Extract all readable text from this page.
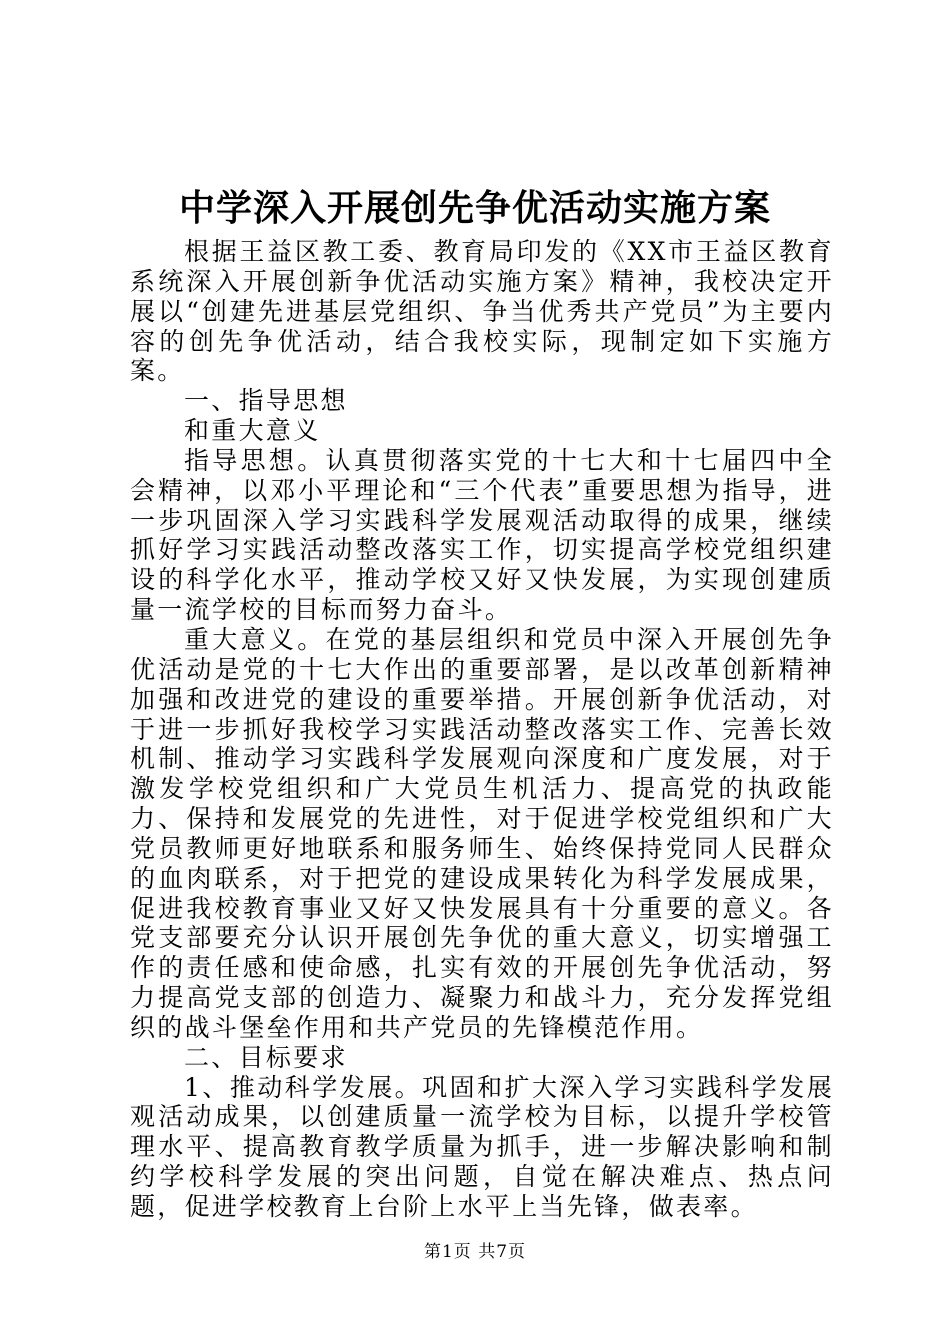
中学深入开展创先争优活动实施方案

根据王益区教工委、教育局印发的《XX市王益区教育系统深入开展创新争优活动实施方案》精神，我校决定开展以“创建先进基层党组织、争当优秀共产党员”为主要内容的创先争优活动，结合我校实际，现制定如下实施方案。

一、指导思想

和重大意义

指导思想。认真贯彻落实党的十七大和十七届四中全会精神，以邓小平理论和“三个代表”重要思想为指导，进一步巩固深入学习实践科学发展观活动取得的成果，继续抓好学习实践活动整改落实工作，切实提高学校党组织建设的科学化水平，推动学校又好又快发展，为实现创建质量一流学校的目标而努力奋斗。

重大意义。在党的基层组织和党员中深入开展创先争优活动是党的十七大作出的重要部署，是以改革创新精神加强和改进党的建设的重要举措。开展创新争优活动，对于进一步抓好我校学习实践活动整改落实工作、完善长效机制、推动学习实践科学发展观向深度和广度发展，对于激发学校党组织和广大党员生机活力、提高党的执政能力、保持和发展党的先进性，对于促进学校党组织和广大党员教师更好地联系和服务师生、始终保持党同人民群众的血肉联系，对于把党的建设成果转化为科学发展成果，促进我校教育事业又好又快发展具有十分重要的意义。各党支部要充分认识开展创先争优的重大意义，切实增强工作的责任感和使命感，扎实有效的开展创先争优活动，努力提高党支部的创造力、凝聚力和战斗力，充分发挥党组织的战斗堡垒作用和共产党员的先锋模范作用。

二、目标要求

1、推动科学发展。巩固和扩大深入学习实践科学发展观活动成果，以创建质量一流学校为目标，以提升学校管理水平、提高教育教学质量为抓手，进一步解决影响和制约学校科学发展的突出问题，自觉在解决难点、热点问题，促进学校教育上台阶上水平上当先锋，做表率。

第1页 共7页
